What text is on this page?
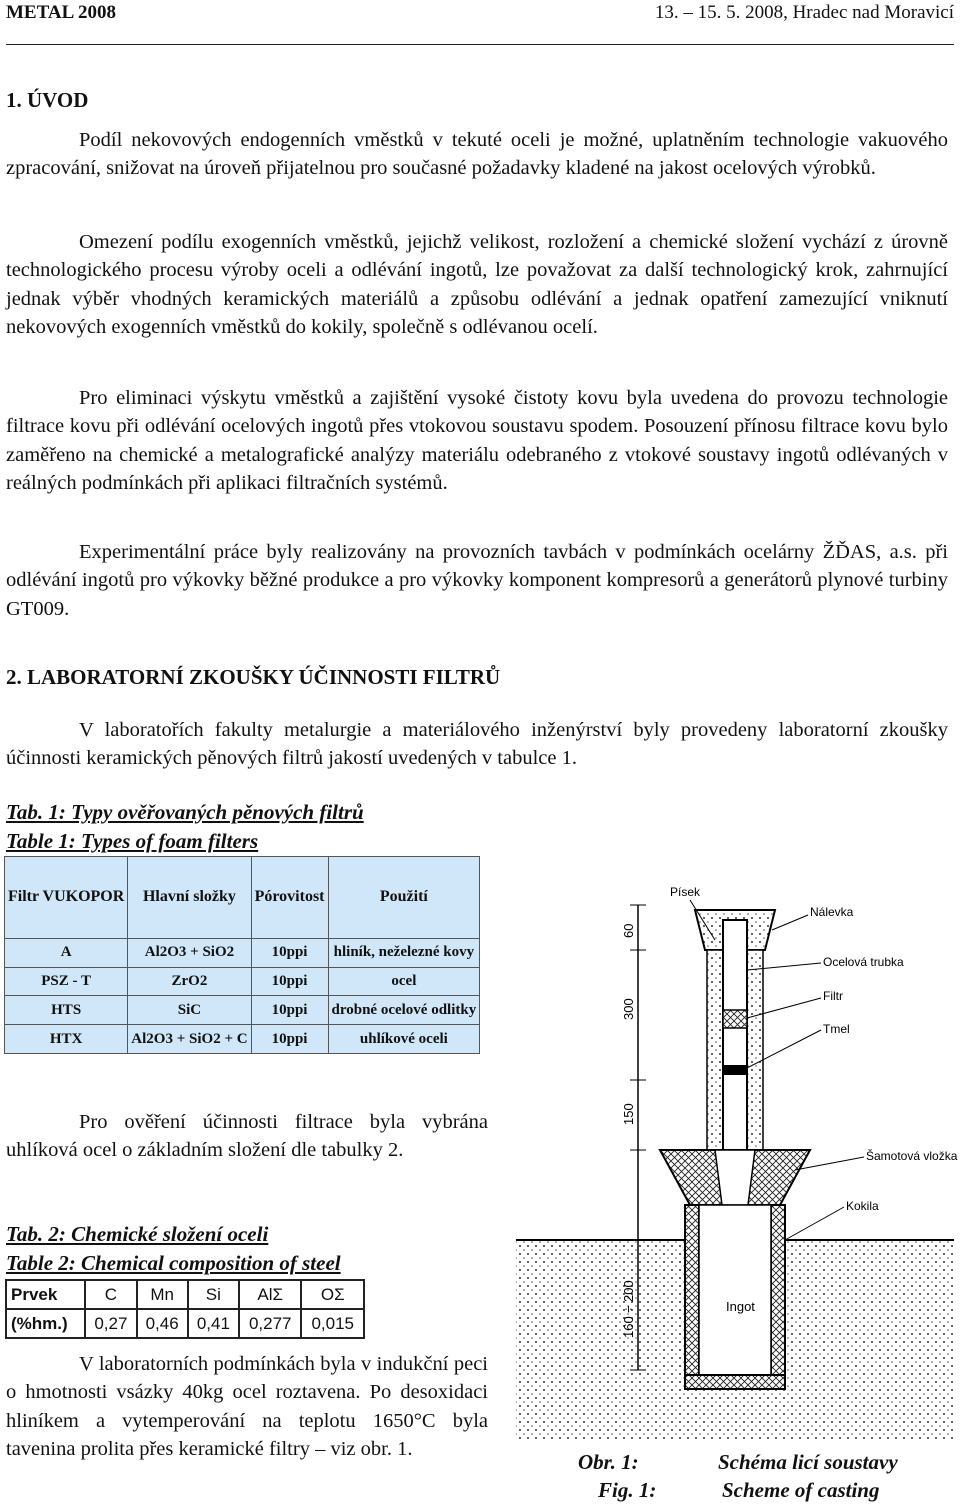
METAL 2008	13. – 15. 5. 2008, Hradec nad Moravicí
1. ÚVOD

Podíl nekovových endogenních vměstků v tekuté oceli je možné, uplatněním technologie vakuového zpracování, snižovat na úroveň přijatelnou pro současné požadavky kladené na jakost ocelových výrobků.

Omezení podílu exogenních vměstků, jejichž velikost, rozložení a chemické složení vychází z úrovně technologického procesu výroby oceli a odlévání ingotů, lze považovat za další technologický krok, zahrnující jednak výběr vhodných keramických materiálů a způsobu odlévání a jednak opatření zamezující vniknutí nekovových exogenních vměstků do kokily, společně s odlévanou ocelí.

Pro eliminaci výskytu vměstků a zajištění vysoké čistoty kovu byla uvedena do provozu technologie filtrace kovu při odlévání ocelových ingotů přes vtokovou soustavu spodem. Posouzení přínosu filtrace kovu bylo zaměřeno na chemické a metalografické analýzy materiálu odebraného z vtokové soustavy ingotů odlévaných v reálných podmínkách při aplikaci filtračních systémů.

Experimentální práce byly realizovány na provozních tavbách v podmínkách ocelárny ŽĎAS, a.s. při odlévání ingotů pro výkovky běžné produkce a pro výkovky komponent kompresorů a generátorů plynové turbiny GT009.

2. LABORATORNÍ ZKOUŠKY ÚČINNOSTI FILTRŮ

V laboratořích fakulty metalurgie a materiálového inženýrství byly provedeny laboratorní zkoušky účinnosti keramických pěnových filtrů jakostí uvedených v tabulce 1.

Tab. 1: Typy ověřovaných pěnových filtrů
Table 1: Types of foam filters
Filtr VUKOPOR	Hlavní složky	Pórovitost	Použití
A	Al2O3 + SiO2	10ppi	hliník, neželezné kovy
PSZ - T	ZrO2	10ppi	ocel
HTS	SiC	10ppi	drobné ocelové odlitky
HTX	Al2O3 + SiO2 + C	10ppi	uhlíkové oceli

Pro ověření účinnosti filtrace byla vybrána uhlíková ocel o základním složení dle tabulky 2.

Tab. 2: Chemické složení oceli
Table 2: Chemical composition of steel
Prvek	C	Mn	Si	AlΣ	OΣ
(%hm.)	0,27	0,46	0,41	0,277	0,015

V laboratorních podmínkách byla v indukční peci o hmotnosti vsázky 40kg ocel roztavena. Po desoxidaci hliníkem a vytemperování na teplotu 1650°C byla tavenina prolita přes keramické filtry – viz obr. 1.

60
300
150
160 ÷ 200
Písek
Nálevka
Ocelová trubka
Filtr
Tmel
Šamotová vložka
Kokila
Ingot
Obr. 1:	Schéma licí soustavy
Fig. 1:	Scheme of casting
